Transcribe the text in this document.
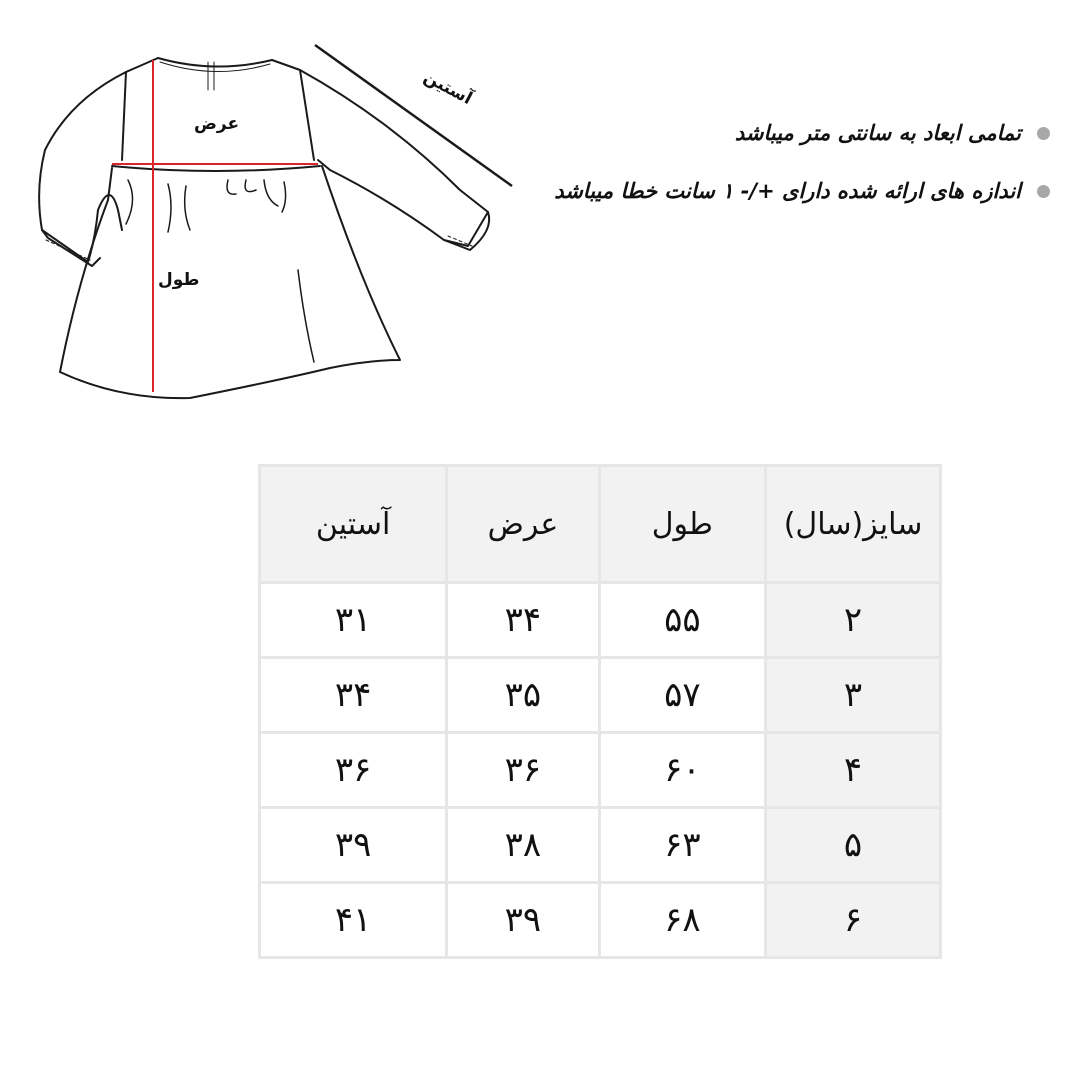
آستین
عرض
طول
تمامی ابعاد به سانتی متر میباشد
اندازه های ارائه شده دارای +/- ۱ سانت خطا میباشد
سایز(سال)	طول	عرض	آستین
۲	۵۵	۳۴	۳۱
۳	۵۷	۳۵	۳۴
۴	۶۰	۳۶	۳۶
۵	۶۳	۳۸	۳۹
۶	۶۸	۳۹	۴۱
